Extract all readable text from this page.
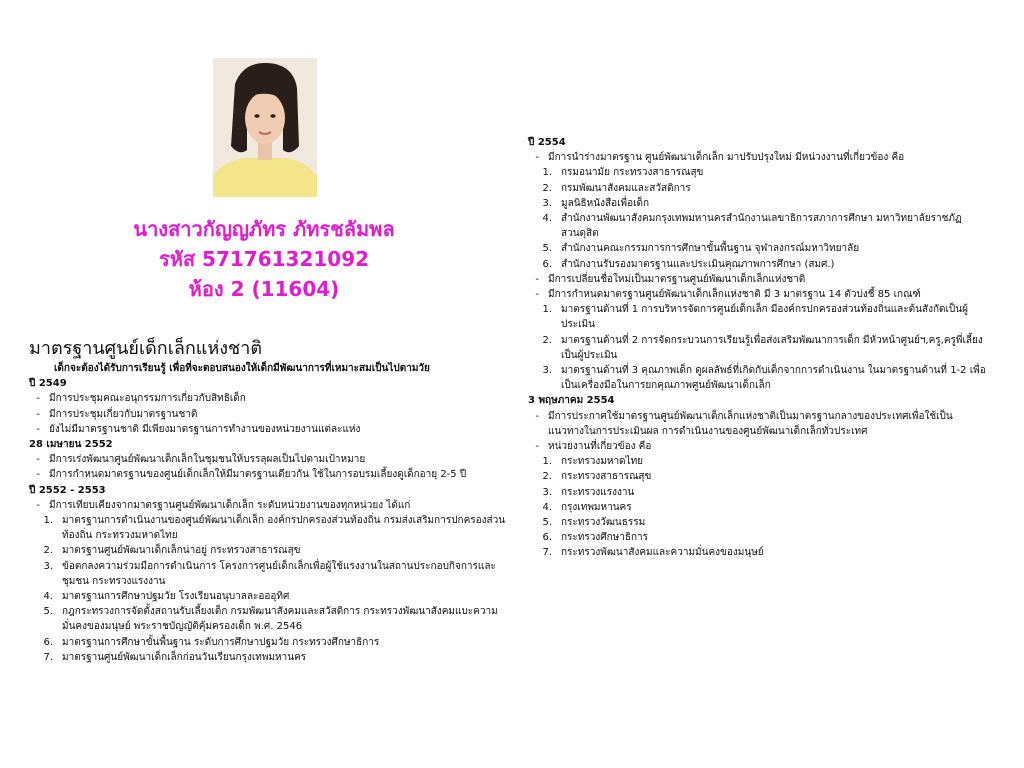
นางสาวกัญญภัทร ภัทรชลัมพล
รหัส 571761321092
ห้อง 2 (11604)
มาตรฐานศูนย์เด็กเล็กแห่งชาติ
เด็กจะต้องได้รับการเรียนรู้ เพื่อที่จะตอบสนองให้เด็กมีพัฒนาการที่เหมาะสมเป็นไปตามวัย
ปี 2549
- มีการประชุมคณะอนุกรรมการเกี่ยวกับสิทธิเด็ก
- มีการประชุมเกี่ยวกับมาตรฐานชาติ
- ยังไม่มีมาตรฐานชาติ มีเพียงมาตรฐานการทำงานของหน่วยงานแต่ละแห่ง
28 เมษายน 2552
- มีการเร่งพัฒนาศูนย์พัฒนาเด็กเล็กในชุมชนให้บรรลุผลเป็นไปตามเป้าหมาย
- มีการกำหนดมาตรฐานของศูนย์เด็กเล็กให้มีมาตรฐานเดียวกัน ใช้ในการอบรมเลี้ยงดูเด็กอายุ 2-5 ปี
ปี 2552 - 2553
- มีการเทียบเคียงจากมาตรฐานศูนย์พัฒนาเด็กเล็ก ระดับหน่วยงานของทุกหน่วยง ได้แก่
1. มาตรฐานการดำเนินงานของศูนย์พัฒนาเด็กเล็ก องค์กรปกครองส่วนท้องถิ่น กรมส่งเสริมการปกครองส่วนท้องถิ่น กระทรวงมหาดไทย
2. มาตรฐานศูนย์พัฒนาเด็กเล็กน่าอยู่ กระทรวงสาธารณสุข
3. ข้อตกลงความร่วมมือการดำเนินการ โครงการศูนย์เด็กเล็กเพื่อผู้ใช้แรงงานในสถานประกอบกิจการและชุมชน กระทรวงแรงงาน
4. มาตรฐานการศึกษาปฐมวัย โรงเรียนอนุบาลละอออุทิศ
5. กฎกระทรวงการจัดตั้งสถานรับเลี้ยงเด็ก กรมพัฒนาสังคมและสวัสดิการ กระทรวงพัฒนาสังคมแบะความมั่นคงของมนุษย์ พระราชบัญญัติคุ้มครองเด็ก พ.ศ. 2546
6. มาตรฐานการศึกษาขั้นพื้นฐาน ระดับการศึกษาปฐมวัย กระทรวงศึกษาธิการ
7. มาตรฐานศูนย์พัฒนาเด็กเล็กก่อนวันเรียนกรุงเทพมหานคร
ปี 2554
- มีการนำร่างมาตรฐาน ศูนย์พัฒนาเด็กเล็ก มาปรับปรุงใหม่ มีหน่วงงานที่เกี่ยวข้อง คือ
1. กรมอนามัย กระทรวงสาธารณสุข
2. กรมพัฒนาสังคมและสวัสดิการ
3. มูลนิธิหนังสือเพื่อเด็ก
4. สำนักงานพัฒนาสังคมกรุงเทพมหานครสำนักงานเลขาธิการสภาการศึกษา มหาวิทยาลัยราชภัฏสวนดุสิต
5. สำนักงานคณะกรรมการการศึกษาขั้นพื้นฐาน จุฬาลงกรณ์มหาวิทยาลัย
6. สำนักงานรับรองมาตรฐานและประเมินคุณภาพการศึกษา (สมศ.)
- มีการเปลี่ยนชื่อใหม่เป็นมาตรฐานศูนย์พัฒนาเด็กเล็กแห่งชาติ
- มีการกำหนดมาตรฐานศูนย์พัฒนาเด็กเล็กแห่งชาติ มี 3 มาตรฐาน 14 ตัวบ่งชี้ 85 เกณฑ์
1. มาตรฐานด้านที่ 1 การบริหารจัดการศูนย์เด็กเล็ก มีองค์กรปกครองส่วนท้องถิ่นและต้นสังกัดเป็นผู้ประเมิน
2. มาตรฐานด้านที่ 2 การจัดกระบวนการเรียนรู้เพื่อส่งเสริมพัฒนาการเด็ก มีหัวหน้าศูนย์ฯ,ครู,ครูพี่เลี้ยง เป็นผู้ประเมิน
3. มาตรฐานด้านที่ 3 คุณภาพเด็ก ดูผลลัพธ์ที่เกิดกับเด็กจากการดำเนินงาน ในมาตรฐานด้านที่ 1-2 เพื่อเป็นเครื่องมือในการยกคุณภาพศูนย์พัฒนาเด็กเล็ก
3 พฤษภาคม 2554
- มีการประกาศใช้มาตรฐานศูนย์พัฒนาเด็กเล็กแห่งชาติเป็นมาตรฐานกลางของประเทศเพื่อใช้เป็นแนวทางในการประเมินผล การดำเนินงานของศูนย์พัฒนาเด็กเล็กทั่วประเทศ
- หน่วยงานที่เกี่ยวข้อง คือ
1. กระทรวงมหาดไทย
2. กระทรวงสาธารณสุข
3. กระทรวงแรงงาน
4. กรุงเทพมหานคร
5. กระทรวงวัฒนธรรม
6. กระทรวงศึกษาธิการ
7. กระทรวงพัฒนาสังคมและความมั่นคงของมนุษย์
